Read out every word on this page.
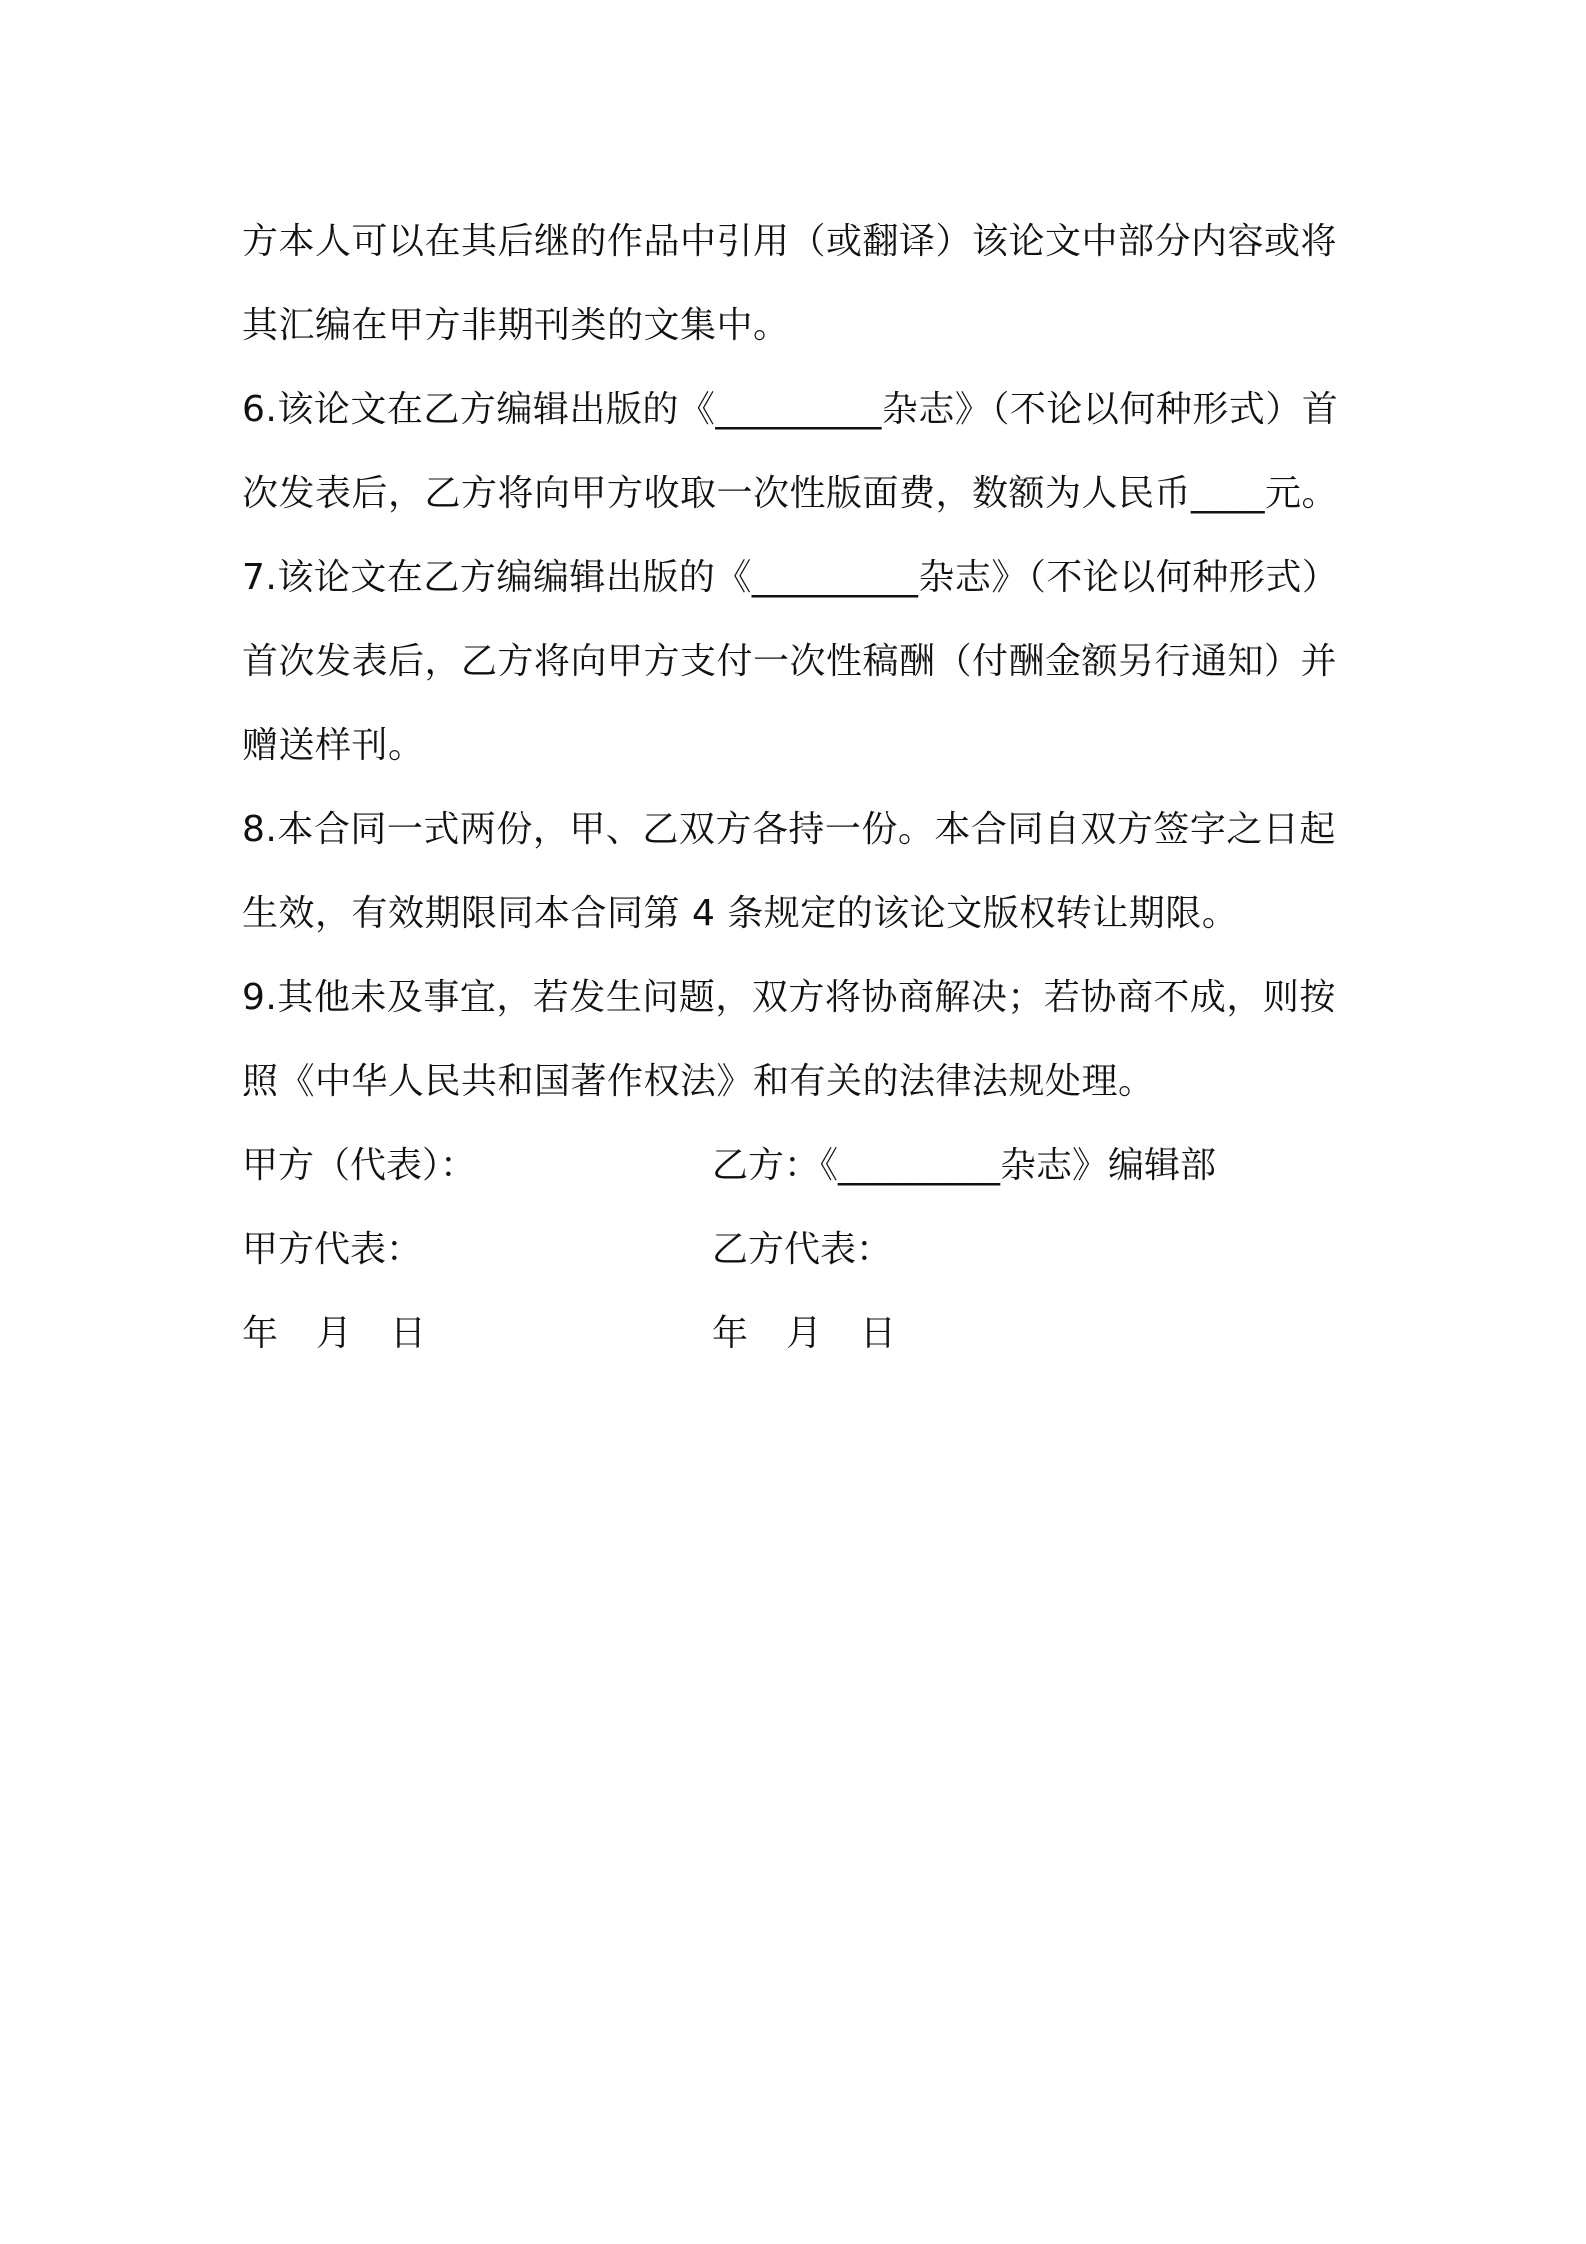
方本人可以在其后继的作品中引用（或翻译）该论文中部分内容或将
其汇编在甲方非期刊类的文集中。
6.该论文在乙方编辑出版的《_________杂志》（不论以何种形式）首
次发表后，乙方将向甲方收取一次性版面费，数额为人民币____元。
7.该论文在乙方编编辑出版的《_________杂志》（不论以何种形式）
首次发表后，乙方将向甲方支付一次性稿酬（付酬金额另行通知）并
赠送样刊。
8.本合同一式两份，甲、乙双方各持一份。本合同自双方签字之日起
生效，有效期限同本合同第 4 条规定的该论文版权转让期限。
9.其他未及事宜，若发生问题，双方将协商解决；若协商不成，则按
照《中华人民共和国著作权法》和有关的法律法规处理。
甲方（代表）：	乙方：《_________杂志》编辑部
甲方代表：	乙方代表：
年 月 日	年 月 日
